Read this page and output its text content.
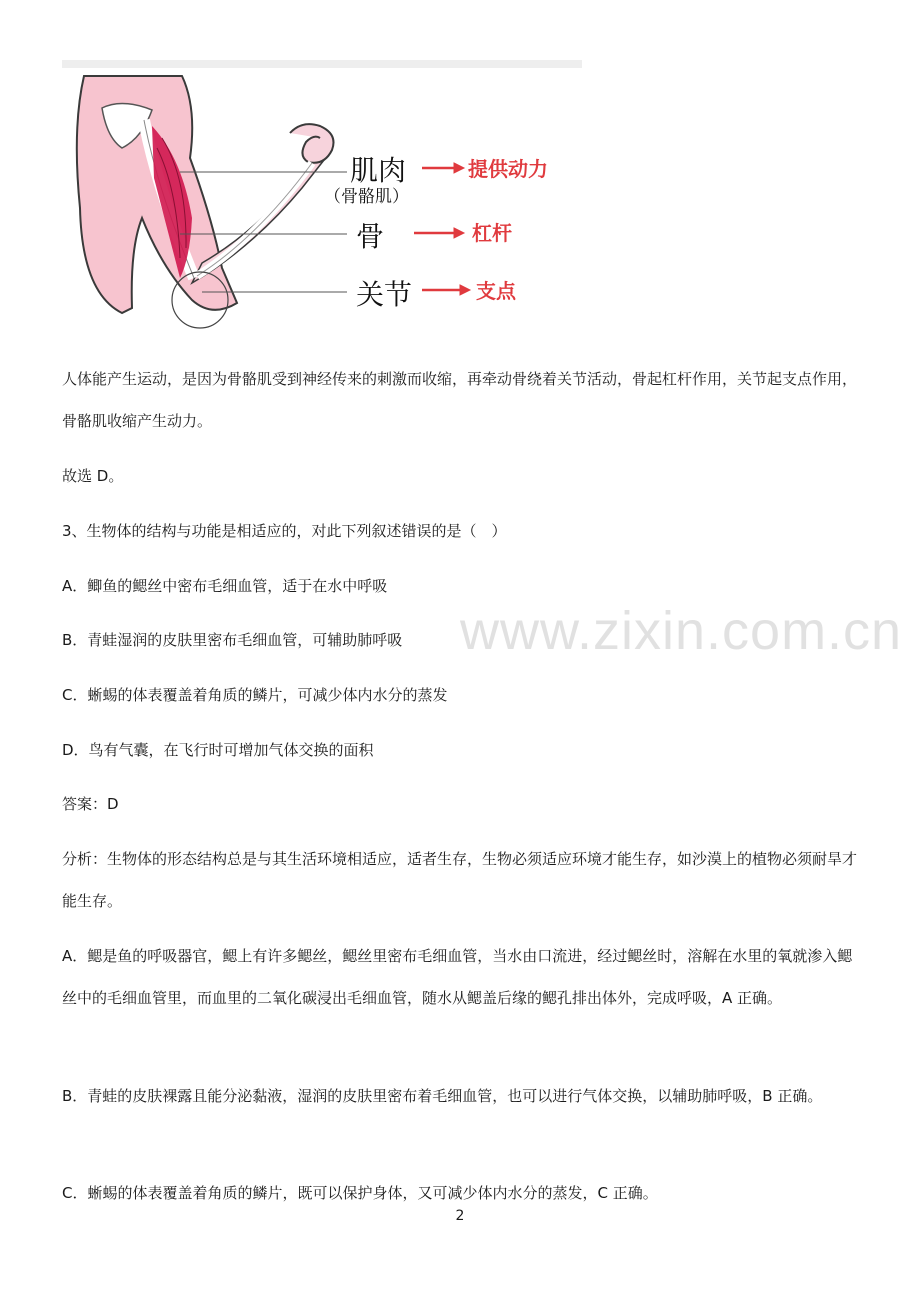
肌肉
（骨骼肌）
骨
关节
提供动力
杠杆
支点

人体能产生运动，是因为骨骼肌受到神经传来的刺激而收缩，再牵动骨绕着关节活动，骨起杠杆作用，关节起支点作用，骨骼肌收缩产生动力。

故选 D。

3、生物体的结构与功能是相适应的，对此下列叙述错误的是（　）

A．鲫鱼的鳃丝中密布毛细血管，适于在水中呼吸

B．青蛙湿润的皮肤里密布毛细血管，可辅助肺呼吸

C．蜥蜴的体表覆盖着角质的鳞片，可减少体内水分的蒸发

D．鸟有气囊，在飞行时可增加气体交换的面积

答案：D

分析：生物体的形态结构总是与其生活环境相适应，适者生存，生物必须适应环境才能生存，如沙漠上的植物必须耐旱才能生存。

A．鳃是鱼的呼吸器官，鳃上有许多鳃丝，鳃丝里密布毛细血管，当水由口流进，经过鳃丝时，溶解在水里的氧就渗入鳃丝中的毛细血管里，而血里的二氧化碳浸出毛细血管，随水从鳃盖后缘的鳃孔排出体外，完成呼吸，A 正确。

B．青蛙的皮肤裸露且能分泌黏液，湿润的皮肤里密布着毛细血管，也可以进行气体交换，以辅助肺呼吸，B 正确。

C．蜥蜴的体表覆盖着角质的鳞片，既可以保护身体，又可减少体内水分的蒸发，C 正确。

www.zixin.com.cn
2
